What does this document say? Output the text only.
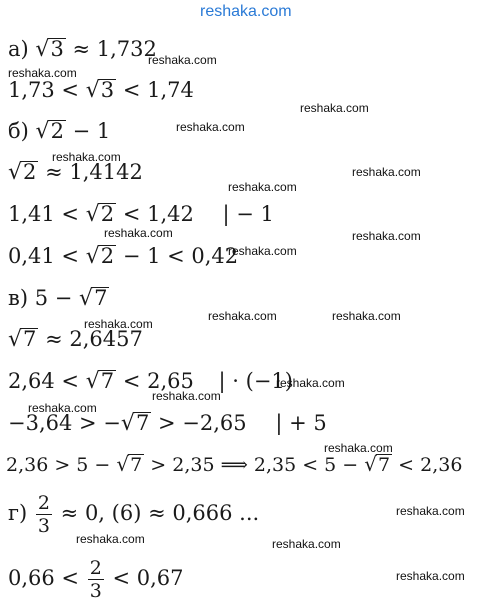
reshaka.com
а) √3 ≈ 1,732
1,73 < √3 < 1,74
б) √2 − 1
√2 ≈ 1,4142
1,41 < √2 < 1,42 | − 1
0,41 < √2 − 1 < 0,42
в) 5 − √7
√7 ≈ 2,6457
2,64 < √7 < 2,65 | · (−1)
−3,64 > −√7 > −2,65 | + 5
2,36 > 5 − √7 > 2,35 ⟹ 2,35 < 5 − √7 < 2,36
$г) \frac{2}{3} \approx 0$, (6) ≈ 0,666 ...
$0,66 < \frac{2}{3} < 0,67$
reshaka.com
reshaka.com
reshaka.com
reshaka.com
reshaka.com
reshaka.com
reshaka.com
reshaka.com	reshaka.com
reshaka.com
reshaka.com	reshaka.com
reshaka.com
reshaka.com
reshaka.com
reshaka.com
reshaka.com
reshaka.com
reshaka.com	reshaka.com
reshaka.com
